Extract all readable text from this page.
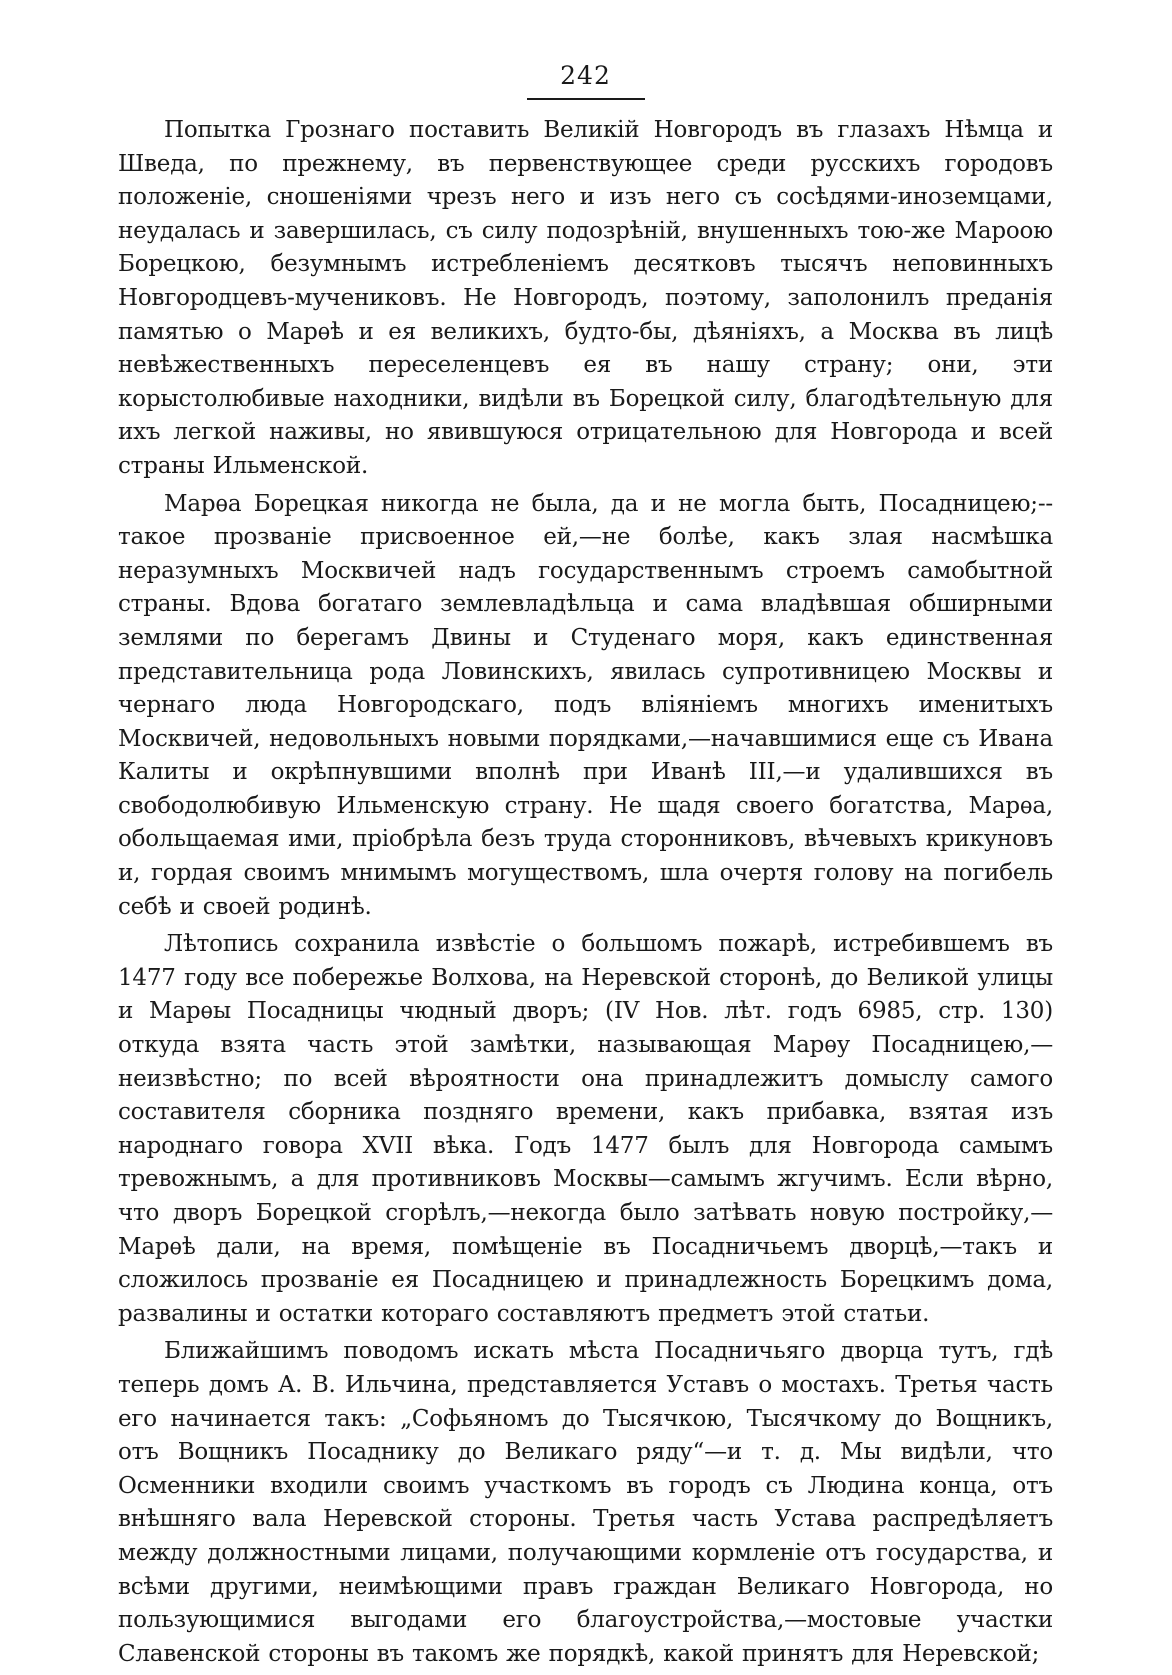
242

Попытка Грознаго поставить Великій Новгородъ въ глазахъ Нѣмца и Шведа, по прежнему, въ первенствующее среди русскихъ городовъ положеніе, сношеніями чрезъ него и изъ него съ сосѣдями-иноземцами, неудалась и завершилась, съ силу подозрѣній, внушенныхъ тою-же Мароою Борецкою, безумнымъ истребленіемъ десятковъ тысячъ неповинныхъ Новгородцевъ-мучениковъ. Не Новгородъ, поэтому, заполонилъ преданія памятью о Марѳѣ и ея великихъ, будто-бы, дѣяніяхъ, а Москва въ лицѣ невѣжественныхъ переселенцевъ ея въ нашу страну; они, эти корыстолюбивые находники, видѣли въ Борецкой силу, благодѣтельную для ихъ легкой наживы, но явившуюся отрицательною для Новгорода и всей страны Ильменской.

Марѳа Борецкая никогда не была, да и не могла быть, Посадницею;--такое прозваніе присвоенное ей,—не болѣе, какъ злая насмѣшка неразумныхъ Москвичей надъ государственнымъ строемъ самобытной страны. Вдова богатаго землевладѣльца и сама владѣвшая обширными землями по берегамъ Двины и Студенаго моря, какъ единственная представительница рода Ловинскихъ, явилась супротивницею Москвы и чернаго люда Новгородскаго, подъ вліяніемъ многихъ именитыхъ Москвичей, недовольныхъ новыми порядками,—начавшимися еще съ Ивана Калиты и окрѣпнувшими вполнѣ при Иванѣ III,—и удалившихся въ свободолюбивую Ильменскую страну. Не щадя своего богатства, Марѳа, обольщаемая ими, пріобрѣла безъ труда сторонниковъ, вѣчевыхъ крикуновъ и, гордая своимъ мнимымъ могуществомъ, шла очертя голову на погибель себѣ и своей родинѣ.

Лѣтопись сохранила извѣстіе о большомъ пожарѣ, истребившемъ въ 1477 году все побережье Волхова, на Неревской сторонѣ, до Великой улицы и Марѳы Посадницы чюдный дворъ; (IV Нов. лѣт. годъ 6985, стр. 130) откуда взята часть этой замѣтки, называющая Марѳу Посадницею,—неизвѣстно; по всей вѣроятности она принадлежитъ домыслу самого составителя сборника поздняго времени, какъ прибавка, взятая изъ народнаго говора XVII вѣка. Годъ 1477 былъ для Новгорода самымъ тревожнымъ, а для противниковъ Москвы—самымъ жгучимъ. Если вѣрно, что дворъ Борецкой сгорѣлъ,—некогда было затѣвать новую постройку,—Марѳѣ дали, на время, помѣщеніе въ Посадничьемъ дворцѣ,—такъ и сложилось прозваніе ея Посадницею и принадлежность Борецкимъ дома, развалины и остатки котораго составляютъ предметъ этой статьи.

Ближайшимъ поводомъ искать мѣста Посадничьяго дворца тутъ, гдѣ теперь домъ А. В. Ильчина, представляется Уставъ о мостахъ. Третья часть его начинается такъ: „Софьяномъ до Тысячкою, Тысячкому до Вощникъ, отъ Вощникъ Посаднику до Великаго ряду“—и т. д. Мы видѣли, что Осменники входили своимъ участкомъ въ городъ съ Людина конца, отъ внѣшняго вала Неревской стороны. Третья часть Устава распредѣляетъ между должностными лицами, получающими кормленіе отъ государства, и всѣми другими, неимѣющими правъ граждан Великаго Новгорода, но пользующимися выгодами его благоустройства,—мостовые участки Славенской стороны въ такомъ же порядкѣ, какой принятъ для Неревской;
